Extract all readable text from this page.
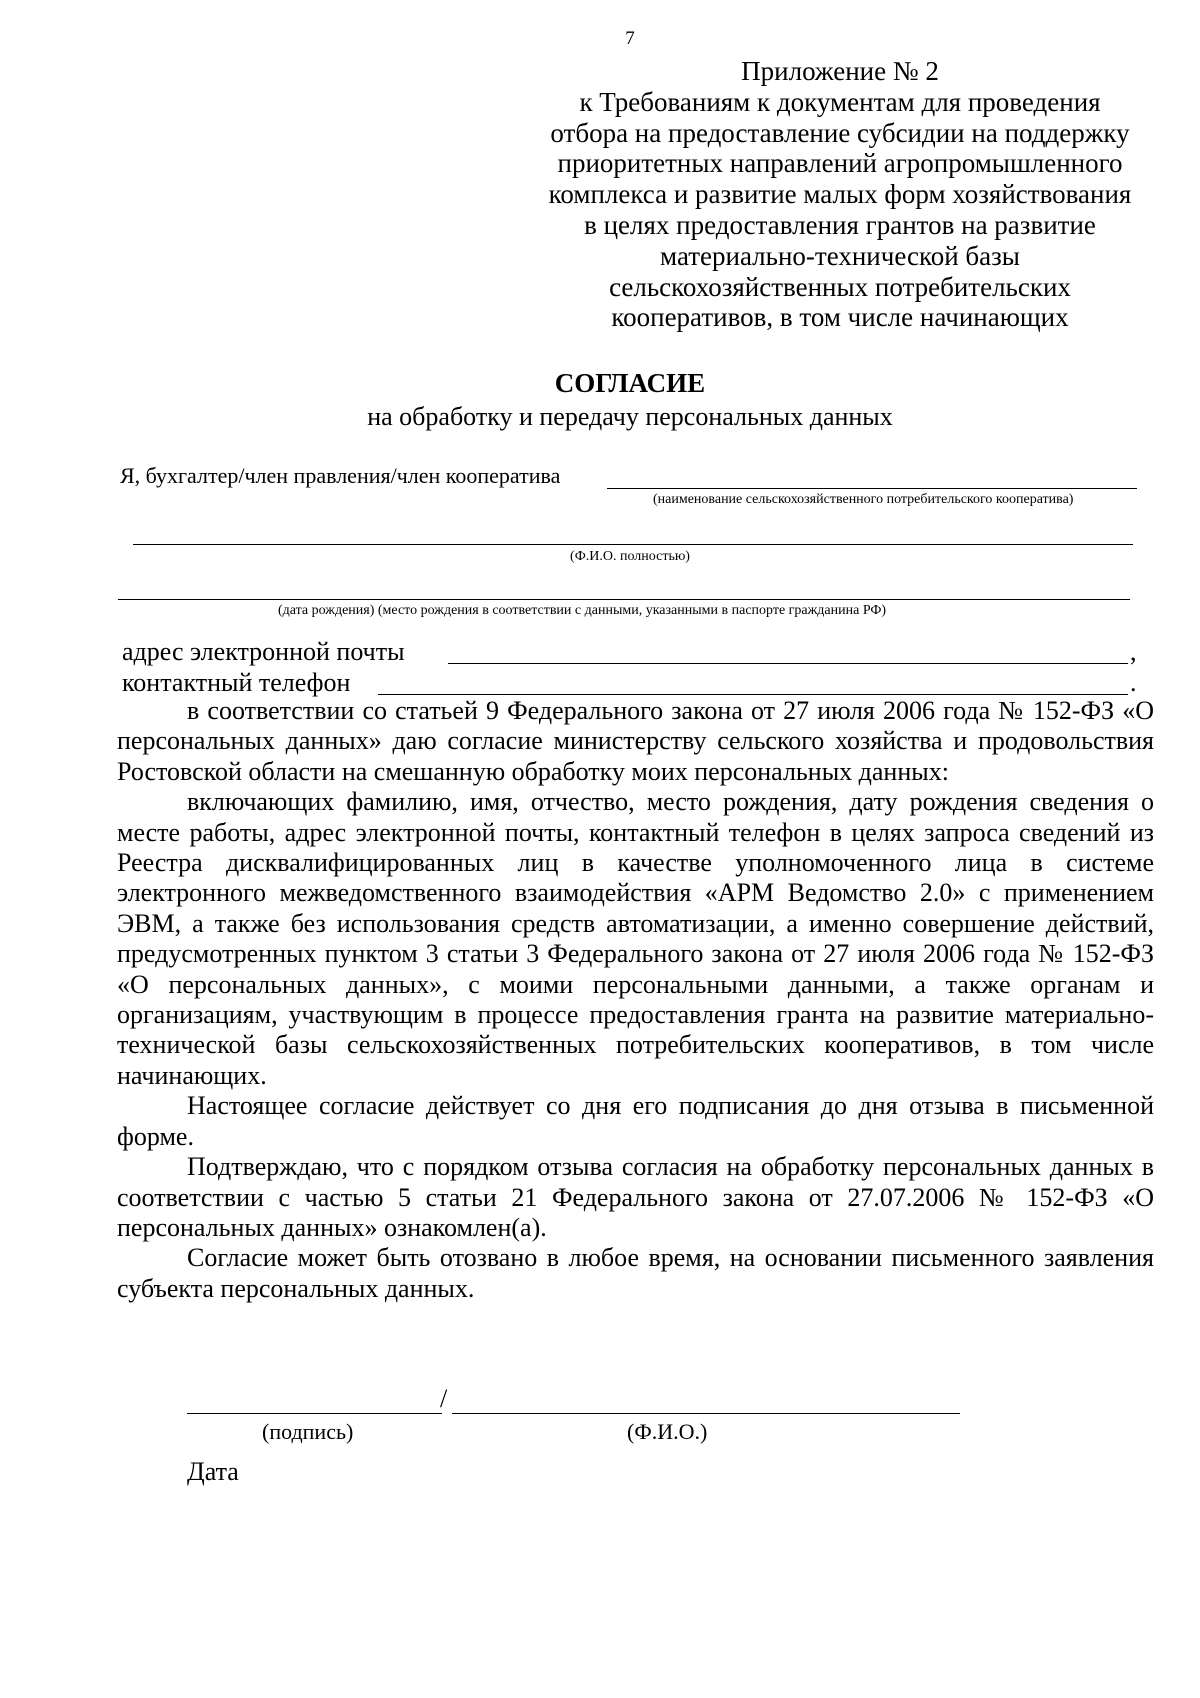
7
Приложение № 2
к Требованиям к документам для проведения
отбора на предоставление субсидии на поддержку
приоритетных направлений агропромышленного
комплекса и развитие малых форм хозяйствования
в целях предоставления грантов на развитие
материально-технической базы
сельскохозяйственных потребительских
кооперативов, в том числе начинающих
СОГЛАСИЕ
на обработку и передачу персональных данных
Я, бухгалтер/член правления/член кооператива
(наименование сельскохозяйственного потребительского кооператива)
(Ф.И.О. полностью)
(дата рождения) (место рождения в соответствии с данными, указанными в паспорте гражданина РФ)
адрес электронной почты	,
контактный телефон	.

в соответствии со статьей 9 Федерального закона от 27 июля 2006 года № 152-ФЗ «О персональных данных» даю согласие министерству сельского хозяйства и продовольствия Ростовской области на смешанную обработку моих персональных данных:

включающих фамилию, имя, отчество, место рождения, дату рождения сведения о месте работы, адрес электронной почты, контактный телефон в целях запроса сведений из Реестра дисквалифицированных лиц в качестве уполномоченного лица в системе электронного межведомственного взаимодействия «АРМ Ведомство 2.0» с применением ЭВМ, а также без использования средств автоматизации, а именно совершение действий, предусмотренных пунктом 3 статьи 3 Федерального закона от 27 июля 2006 года № 152-ФЗ «О персональных данных», с моими персональными данными, а также органам и организациям, участвующим в процессе предоставления гранта на развитие материально-технической базы сельскохозяйственных потребительских кооперативов, в том числе начинающих.

Настоящее согласие действует со дня его подписания до дня отзыва в письменной форме.

Подтверждаю, что с порядком отзыва согласия на обработку персональных данных в соответствии с частью 5 статьи 21 Федерального закона от 27.07.2006 № 152-ФЗ «О персональных данных» ознакомлен(а).

Согласие может быть отозвано в любое время, на основании письменного заявления субъекта персональных данных.

/
(подпись)	(Ф.И.О.)
Дата
